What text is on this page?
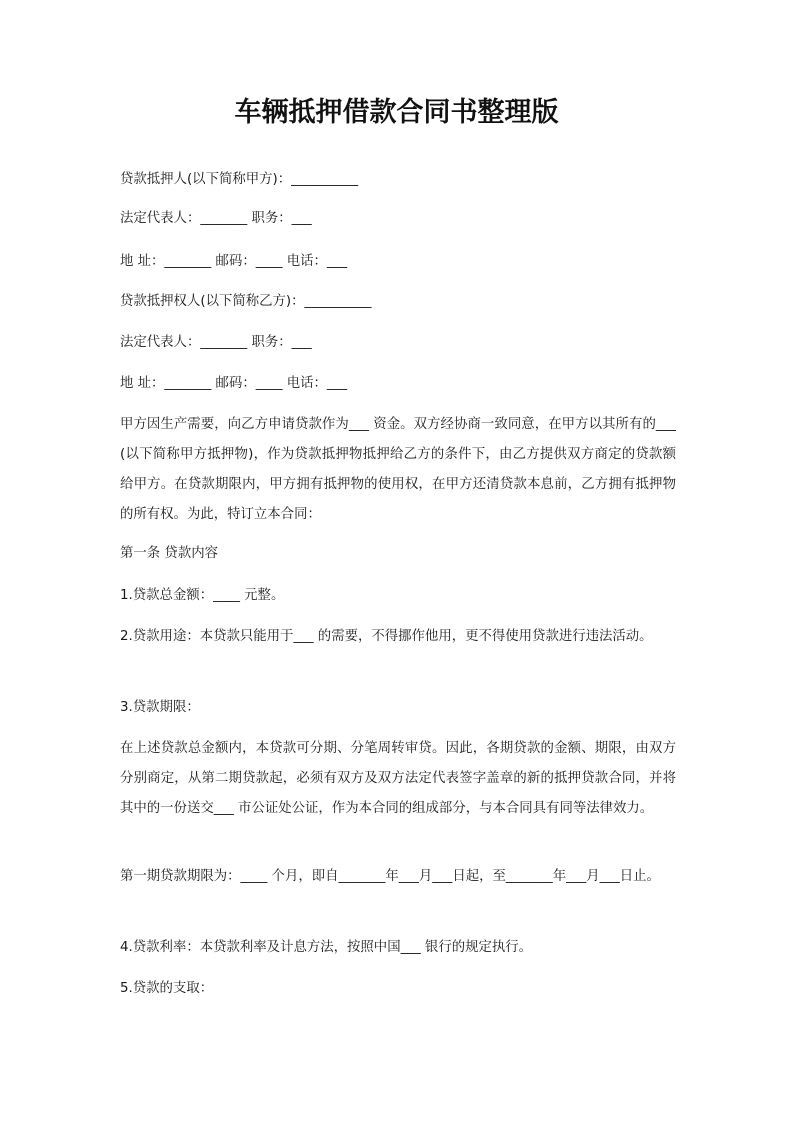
车辆抵押借款合同书整理版

贷款抵押人(以下简称甲方)：__________

法定代表人：_______ 职务：___

地 址：_______ 邮码：____ 电话：___

贷款抵押权人(以下简称乙方)：__________

法定代表人：_______ 职务：___

地 址：_______ 邮码：____ 电话：___

甲方因生产需要，向乙方申请贷款作为___ 资金。双方经协商一致同意，在甲方以其所有的___ (以下简称甲方抵押物)，作为贷款抵押物抵押给乙方的条件下，由乙方提供双方商定的贷款额给甲方。在贷款期限内，甲方拥有抵押物的使用权，在甲方还清贷款本息前，乙方拥有抵押物的所有权。为此，特订立本合同：

第一条 贷款内容

1.贷款总金额：____ 元整。

2.贷款用途：本贷款只能用于___ 的需要，不得挪作他用，更不得使用贷款进行违法活动。

3.贷款期限：

在上述贷款总金额内，本贷款可分期、分笔周转审贷。因此，各期贷款的金额、期限，由双方分别商定，从第二期贷款起，必须有双方及双方法定代表签字盖章的新的抵押贷款合同，并将其中的一份送交___ 市公证处公证，作为本合同的组成部分，与本合同具有同等法律效力。

第一期贷款期限为：____ 个月，即自_______年___月___日起，至_______年___月___日止。

4.贷款利率：本贷款利率及计息方法，按照中国___ 银行的规定执行。

5.贷款的支取：
